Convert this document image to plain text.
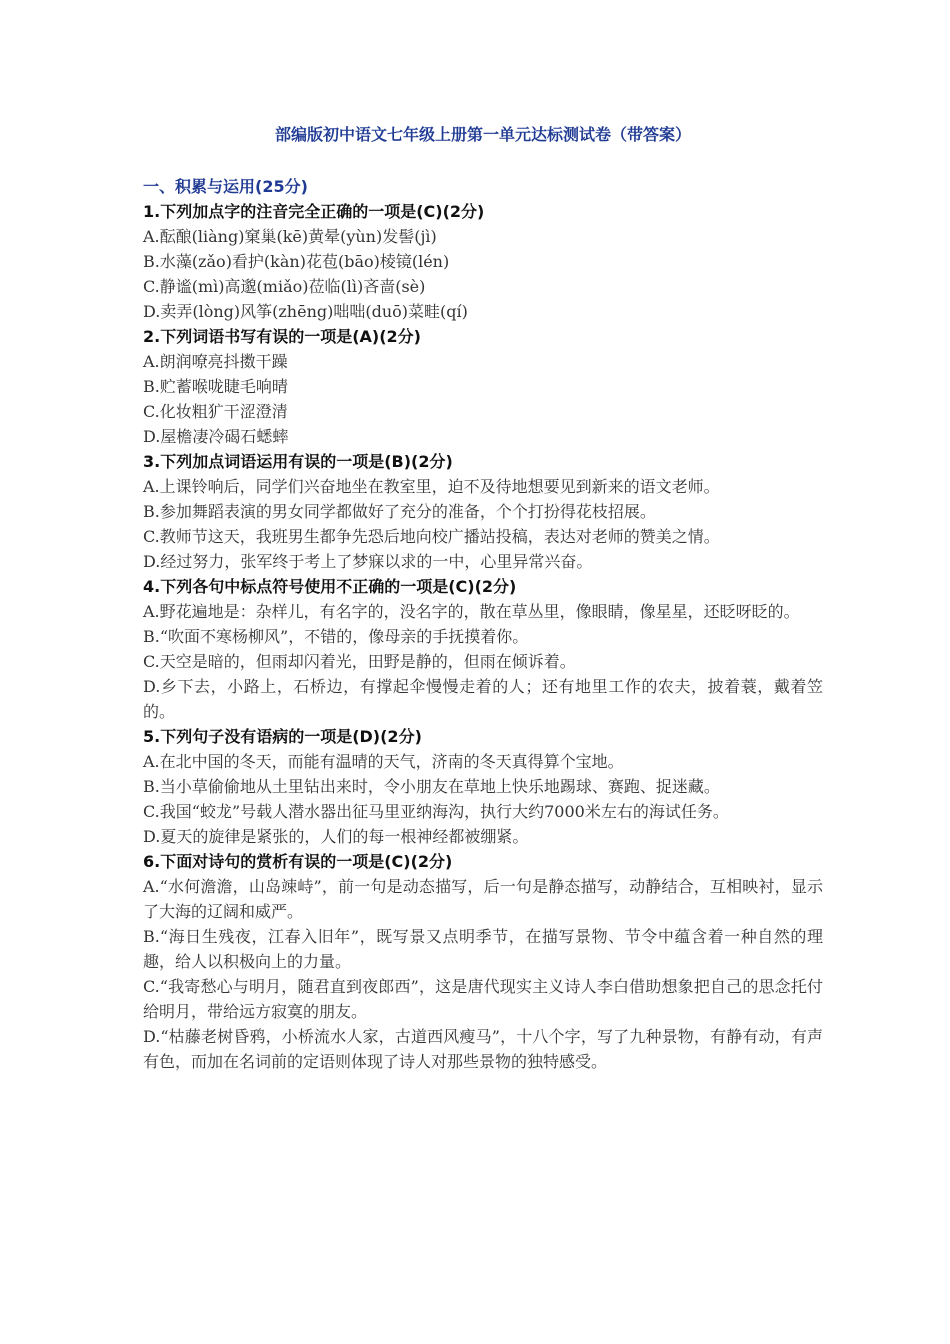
部编版初中语文七年级上册第一单元达标测试卷（带答案）
一、积累与运用(25分)
1.下列加点字的注音完全正确的一项是(C)(2分)
A.酝酿(liàng)窠巢(kē)黄晕(yùn)发髻(jì)
B.水藻(zǎo)看护(kàn)花苞(bāo)棱镜(lén)
C.静谧(mì)高邈(miǎo)莅临(lì)吝啬(sè)
D.卖弄(lòng)风筝(zhēng)咄咄(duō)菜畦(qí)
2.下列词语书写有误的一项是(A)(2分)
A.朗润嘹亮抖擞干躁
B.贮蓄喉咙睫毛响晴
C.化妆粗犷干涩澄清
D.屋檐凄冷碣石蟋蟀
3.下列加点词语运用有误的一项是(B)(2分)
A.上课铃响后，同学们兴奋地坐在教室里，迫不及待地想要见到新来的语文老师。
B.参加舞蹈表演的男女同学都做好了充分的准备，个个打扮得花枝招展。
C.教师节这天，我班男生都争先恐后地向校广播站投稿，表达对老师的赞美之情。
D.经过努力，张军终于考上了梦寐以求的一中，心里异常兴奋。
4.下列各句中标点符号使用不正确的一项是(C)(2分)
A.野花遍地是：杂样儿，有名字的，没名字的，散在草丛里，像眼睛，像星星，还眨呀眨的。
B.“吹面不寒杨柳风”，不错的，像母亲的手抚摸着你。
C.天空是暗的，但雨却闪着光，田野是静的，但雨在倾诉着。
D.乡下去，小路上，石桥边，有撑起伞慢慢走着的人；还有地里工作的农夫，披着蓑，戴着笠的。
5.下列句子没有语病的一项是(D)(2分)
A.在北中国的冬天，而能有温晴的天气，济南的冬天真得算个宝地。
B.当小草偷偷地从土里钻出来时，令小朋友在草地上快乐地踢球、赛跑、捉迷藏。
C.我国“蛟龙”号载人潜水器出征马里亚纳海沟，执行大约7000米左右的海试任务。
D.夏天的旋律是紧张的，人们的每一根神经都被绷紧。
6.下面对诗句的赏析有误的一项是(C)(2分)
A.“水何澹澹，山岛竦峙”，前一句是动态描写，后一句是静态描写，动静结合，互相映衬，显示了大海的辽阔和威严。
B.“海日生残夜，江春入旧年”，既写景又点明季节，在描写景物、节令中蕴含着一种自然的理趣，给人以积极向上的力量。
C.“我寄愁心与明月，随君直到夜郎西”，这是唐代现实主义诗人李白借助想象把自己的思念托付给明月，带给远方寂寞的朋友。
D.“枯藤老树昏鸦，小桥流水人家，古道西风瘦马”，十八个字，写了九种景物，有静有动，有声有色，而加在名词前的定语则体现了诗人对那些景物的独特感受。
